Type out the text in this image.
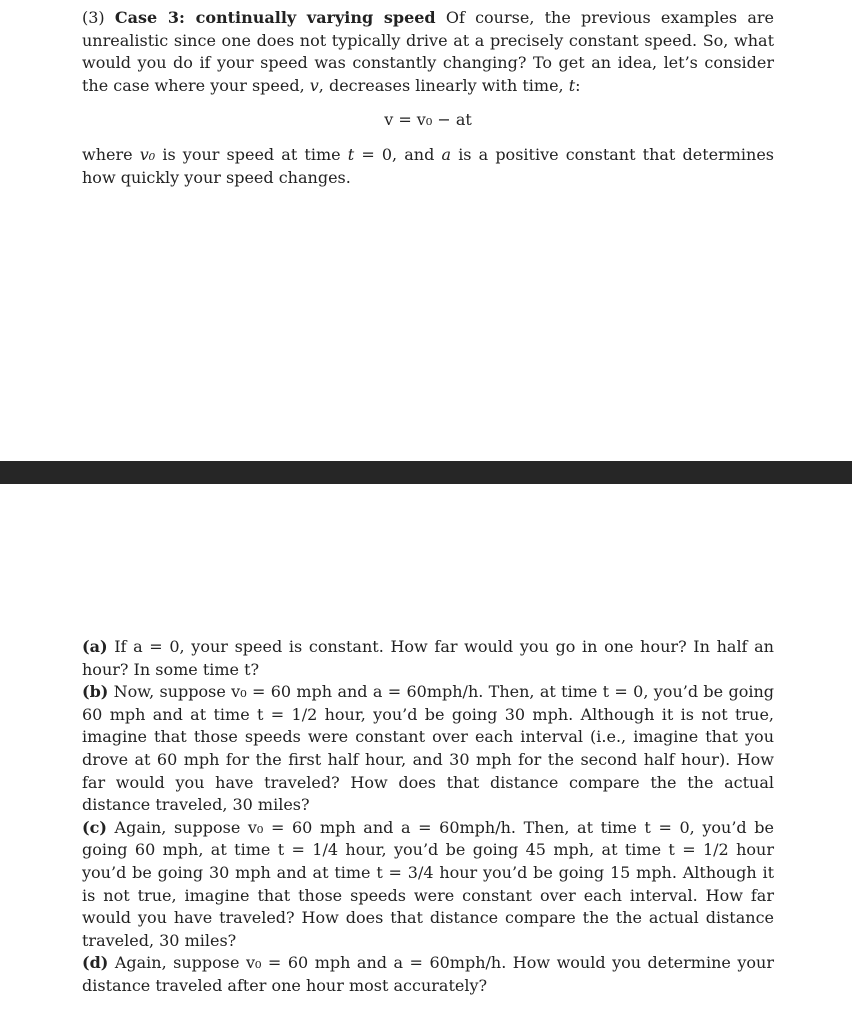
(3) Case 3: continually varying speed Of course, the previous examples are unrealistic since one does not typically drive at a precisely constant speed. So, what would you do if your speed was constantly changing? To get an idea, let’s consider the case where your speed, v, decreases linearly with time, t:

v = v₀ − at

where v₀ is your speed at time t = 0, and a is a positive constant that determines how quickly your speed changes.

(a) If a = 0, your speed is constant. How far would you go in one hour? In half an hour? In some time t?

(b) Now, suppose v₀ = 60 mph and a = 60mph/h. Then, at time t = 0, you’d be going 60 mph and at time t = 1/2 hour, you’d be going 30 mph. Although it is not true, imagine that those speeds were constant over each interval (i.e., imagine that you drove at 60 mph for the first half hour, and 30 mph for the second half hour). How far would you have traveled? How does that distance compare the the actual distance traveled, 30 miles?

(c) Again, suppose v₀ = 60 mph and a = 60mph/h. Then, at time t = 0, you’d be going 60 mph, at time t = 1/4 hour, you’d be going 45 mph, at time t = 1/2 hour you’d be going 30 mph and at time t = 3/4 hour you’d be going 15 mph. Although it is not true, imagine that those speeds were constant over each interval. How far would you have traveled? How does that distance compare the the actual distance traveled, 30 miles?

(d) Again, suppose v₀ = 60 mph and a = 60mph/h. How would you determine your distance traveled after one hour most accurately?
